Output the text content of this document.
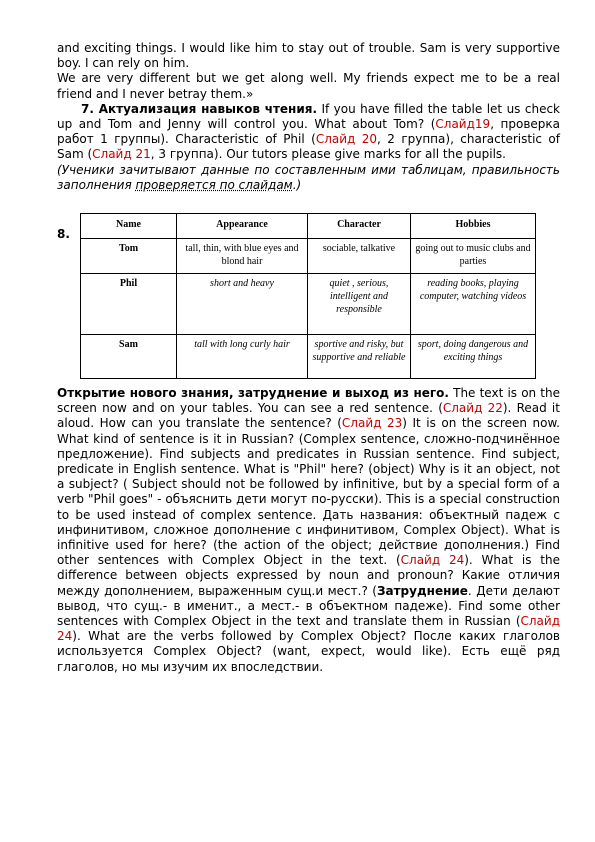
and exciting things. I would like him to stay out of trouble. Sam is very supportive boy. I can rely on him.

We are very different but we get along well. My friends expect me to be a real friend and I never betray them.»

7. Актуализация навыков чтения. If you have filled the table let us check up and Tom and Jenny will control you. What about Tom? (Слайд19, проверка работ 1 группы). Characteristic of Phil (Слайд 20, 2 группа), characteristic of Sam (Слайд 21, 3 группа). Our tutors please give marks for all the pupils.

(Ученики зачитывают данные по составленным ими таблицам, правильность заполнения проверяется по слайдам.)

8.
Name	Appearance	Character	Hobbies
Tom	tall, thin, with blue eyes and blond hair	sociable, talkative	going out to music clubs and parties
Phil	short and heavy	quiet , serious, intelligent and responsible	reading books, playing computer, watching videos
Sam	tall with long curly hair	sportive and risky, but supportive and reliable	sport, doing dangerous and exciting things

Открытие нового знания, затруднение и выход из него. The text is on the screen now and on your tables. You can see a red sentence. (Слайд 22). Read it aloud. How can you translate the sentence? (Слайд 23) It is on the screen now. What kind of sentence is it in Russian? (Complex sentence, сложно-подчинённое предложение). Find subjects and predicates in Russian sentence. Find subject, predicate in English sentence. What is "Phil" here? (object) Why is it an object, not a subject? ( Subject should not be followed by infinitive, but by a special form of a verb "Phil goes" - объяснить дети могут по-русски). This is a special construction to be used instead of complex sentence. Дать названия: объектный падеж с инфинитивом, сложное дополнение с инфинитивом, Complex Object). What is infinitive used for here? (the action of the object; действие дополнения.) Find other sentences with Complex Object in the text. (Слайд 24). What is the difference between objects expressed by noun and pronoun? Какие отличия между дополнением, выраженным сущ.и мест.? (Затруднение. Дети делают вывод, что сущ.- в именит., а мест.- в объектном падеже). Find some other sentences with Complex Object in the text and translate them in Russian (Слайд 24). What are the verbs followed by Complex Object? После каких глаголов используется Complex Object? (want, expect, would like). Есть ещё ряд глаголов, но мы изучим их впоследствии.
